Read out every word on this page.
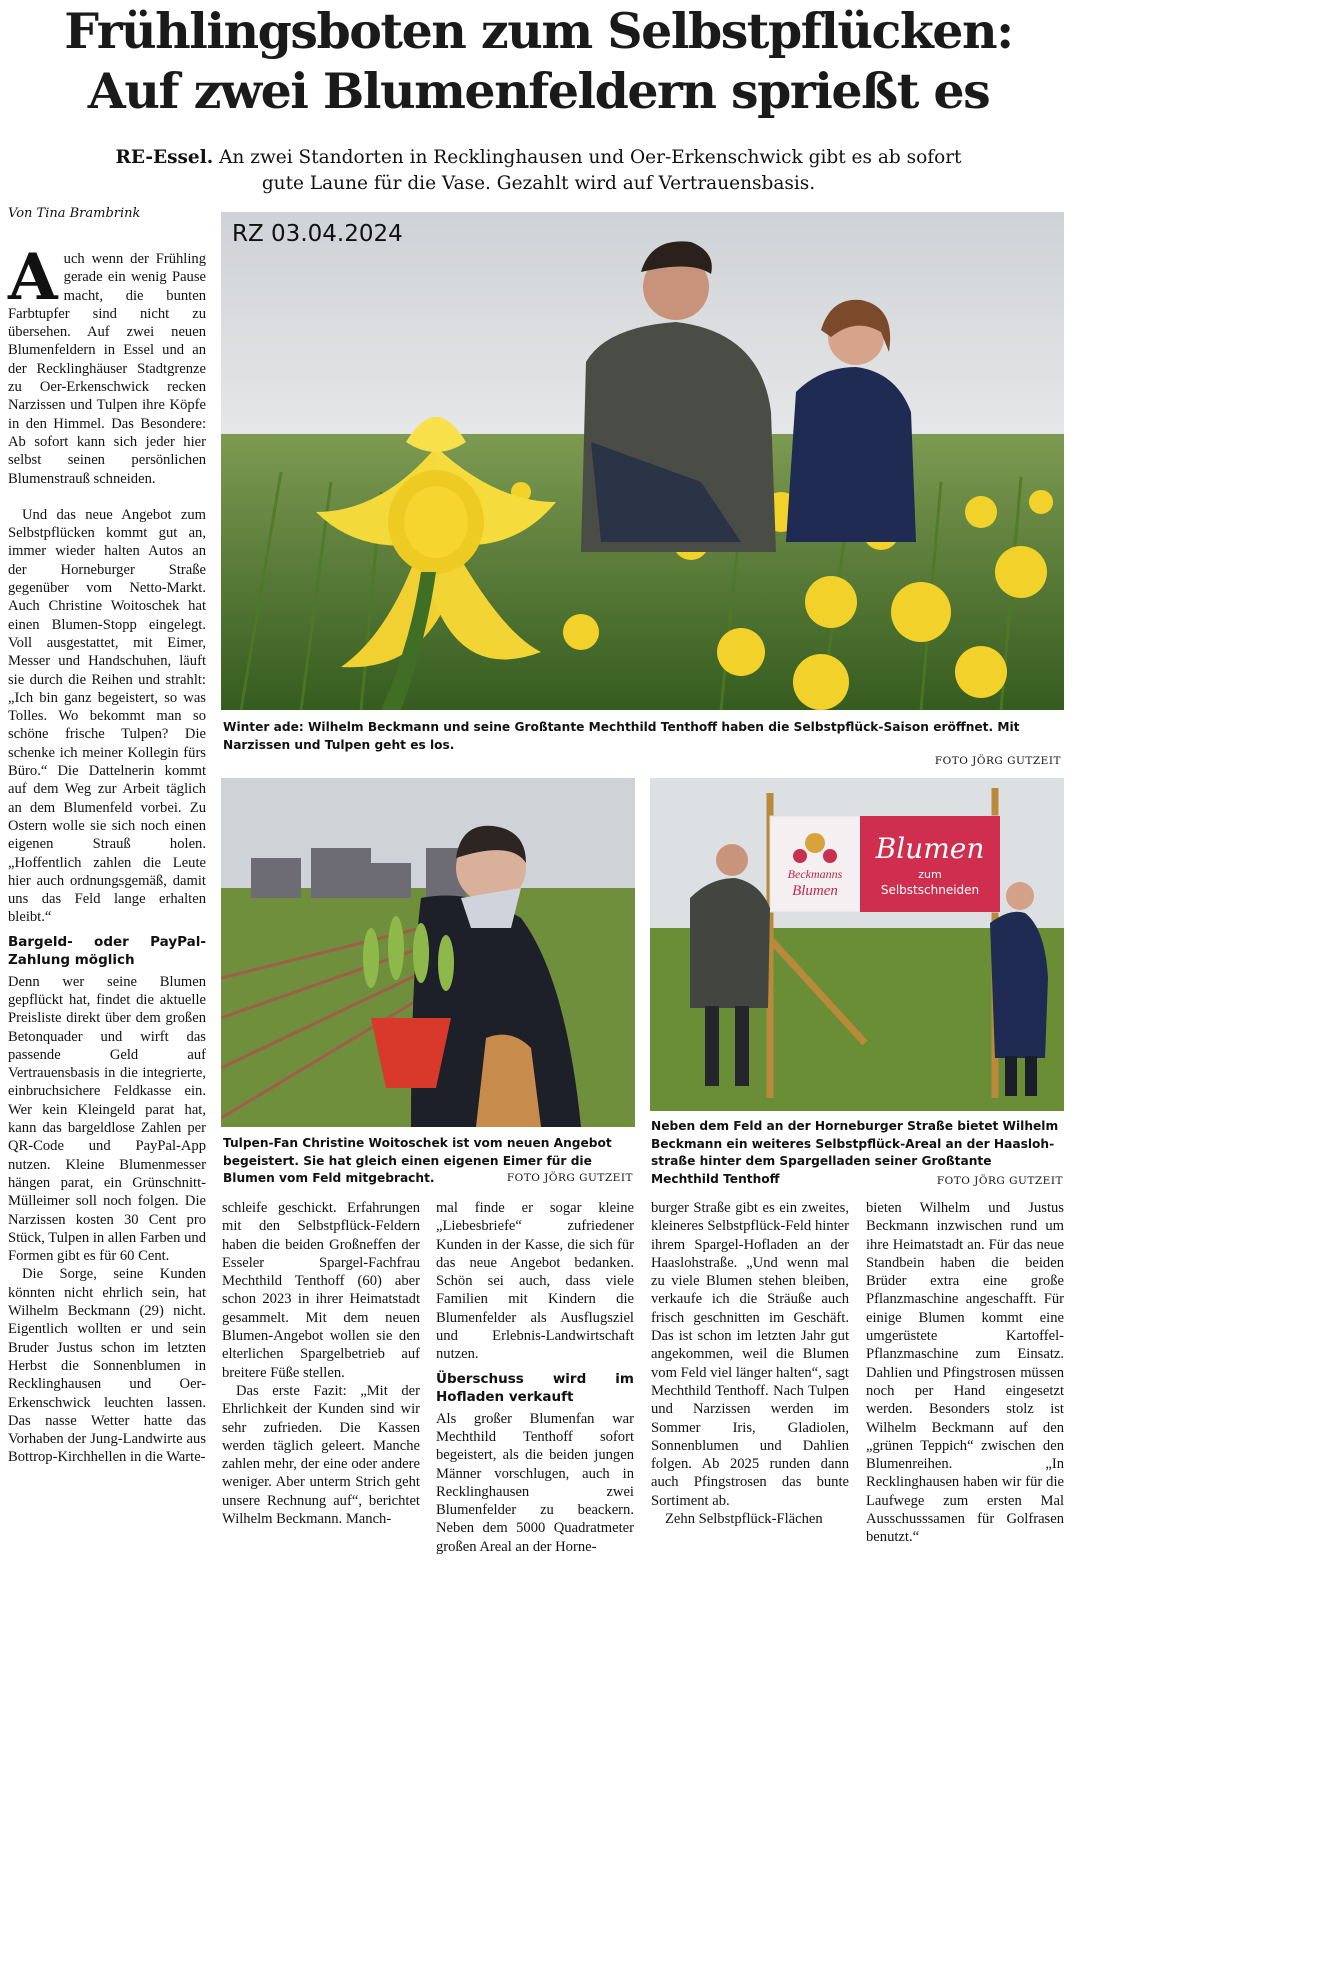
Frühlingsboten zum Selbstpflücken:
Auf zwei Blumenfeldern sprießt es
RE-Essel. An zwei Standorten in Recklinghausen und Oer-Erkenschwick gibt es ab sofort
gute Laune für die Vase. Gezahlt wird auf Vertrauensbasis.
Von Tina Brambrink

Auch wenn der Frühling gerade ein wenig Pause macht, die bunten Farbtupfer sind nicht zu übersehen. Auf zwei neuen Blumenfeldern in Essel und an der Recklinghäuser Stadtgrenze zu Oer-Erkenschwick recken Narzissen und Tulpen ihre Köpfe in den Himmel. Das Besondere: Ab sofort kann sich jeder hier selbst seinen persönlichen Blumenstrauß schneiden.

Und das neue Angebot zum Selbstpflücken kommt gut an, immer wieder halten Autos an der Horneburger Straße gegenüber vom Netto-Markt. Auch Christine Woitoschek hat einen Blumen-Stopp eingelegt. Voll ausgestattet, mit Eimer, Messer und Handschuhen, läuft sie durch die Reihen und strahlt: „Ich bin ganz begeistert, so was Tolles. Wo bekommt man so schöne frische Tulpen? Die schenke ich meiner Kollegin fürs Büro.“ Die Dattelnerin kommt auf dem Weg zur Arbeit täglich an dem Blumenfeld vorbei. Zu Ostern wolle sie sich noch einen eigenen Strauß holen. „Hoffentlich zahlen die Leute hier auch ordnungsgemäß, damit uns das Feld lange erhalten bleibt.“

Bargeld- oder PayPal-Zahlung möglich

Denn wer seine Blumen gepflückt hat, findet die aktuelle Preisliste direkt über dem großen Betonquader und wirft das passende Geld auf Vertrauensbasis in die integrierte, einbruchsichere Feldkasse ein. Wer kein Kleingeld parat hat, kann das bargeldlose Zahlen per QR-Code und PayPal-App nutzen. Kleine Blumenmesser hängen parat, ein Grünschnitt-Mülleimer soll noch folgen. Die Narzissen kosten 30 Cent pro Stück, Tulpen in allen Farben und Formen gibt es für 60 Cent.

Die Sorge, seine Kunden könnten nicht ehrlich sein, hat Wilhelm Beckmann (29) nicht. Eigentlich wollten er und sein Bruder Justus schon im letzten Herbst die Sonnenblumen in Recklinghausen und Oer-Erkenschwick leuchten lassen. Das nasse Wetter hatte das Vorhaben der Jung-Landwirte aus Bottrop-Kirchhellen in die Warte-

RZ 03.04.2024
Winter ade: Wilhelm Beckmann und seine Großtante Mechthild Tenthoff haben die Selbstpflück-Saison eröffnet. Mit Narzissen und Tulpen geht es los.
FOTO JÖRG GUTZEIT
Tulpen-Fan Christine Woitoschek ist vom neuen Angebot begeistert. Sie hat gleich einen eigenen Eimer für die Blumen vom Feld mitgebracht.	FOTO JÖRG GUTZEIT
Beckmanns
Blumen
Blumen
zum
Selbstschneiden
Neben dem Feld an der Horneburger Straße bietet Wilhelm Beckmann ein weiteres Selbstpflück-Areal an der Haaslohstraße hinter dem Spargelladen seiner Großtante Mechthild Tenthoff	FOTO JÖRG GUTZEIT

schleife geschickt. Erfahrungen mit den Selbstpflück-Feldern haben die beiden Großneffen der Esseler Spargel-Fachfrau Mechthild Tenthoff (60) aber schon 2023 in ihrer Heimatstadt gesammelt. Mit dem neuen Blumen-Angebot wollen sie den elterlichen Spargelbetrieb auf breitere Füße stellen.

Das erste Fazit: „Mit der Ehrlichkeit der Kunden sind wir sehr zufrieden. Die Kassen werden täglich geleert. Manche zahlen mehr, der eine oder andere weniger. Aber unterm Strich geht unsere Rechnung auf“, berichtet Wilhelm Beckmann. Manch-

mal finde er sogar kleine „Liebesbriefe“ zufriedener Kunden in der Kasse, die sich für das neue Angebot bedanken. Schön sei auch, dass viele Familien mit Kindern die Blumenfelder als Ausflugsziel und Erlebnis-Landwirtschaft nutzen.

Überschuss wird im Hofladen verkauft

Als großer Blumenfan war Mechthild Tenthoff sofort begeistert, als die beiden jungen Männer vorschlugen, auch in Recklinghausen zwei Blumenfelder zu beackern. Neben dem 5000 Quadratmeter großen Areal an der Horne-

burger Straße gibt es ein zweites, kleineres Selbstpflück-Feld hinter ihrem Spargel-Hofladen an der Haaslohstraße. „Und wenn mal zu viele Blumen stehen bleiben, verkaufe ich die Sträuße auch frisch geschnitten im Geschäft. Das ist schon im letzten Jahr gut angekommen, weil die Blumen vom Feld viel länger halten“, sagt Mechthild Tenthoff. Nach Tulpen und Narzissen werden im Sommer Iris, Gladiolen, Sonnenblumen und Dahlien folgen. Ab 2025 runden dann auch Pfingstrosen das bunte Sortiment ab.

Zehn Selbstpflück-Flächen

bieten Wilhelm und Justus Beckmann inzwischen rund um ihre Heimatstadt an. Für das neue Standbein haben die beiden Brüder extra eine große Pflanzmaschine angeschafft. Für einige Blumen kommt eine umgerüstete Kartoffel-Pflanzmaschine zum Einsatz. Dahlien und Pfingstrosen müssen noch per Hand eingesetzt werden. Besonders stolz ist Wilhelm Beckmann auf den „grünen Teppich“ zwischen den Blumenreihen. „In Recklinghausen haben wir für die Laufwege zum ersten Mal Ausschusssamen für Golfrasen benutzt.“
